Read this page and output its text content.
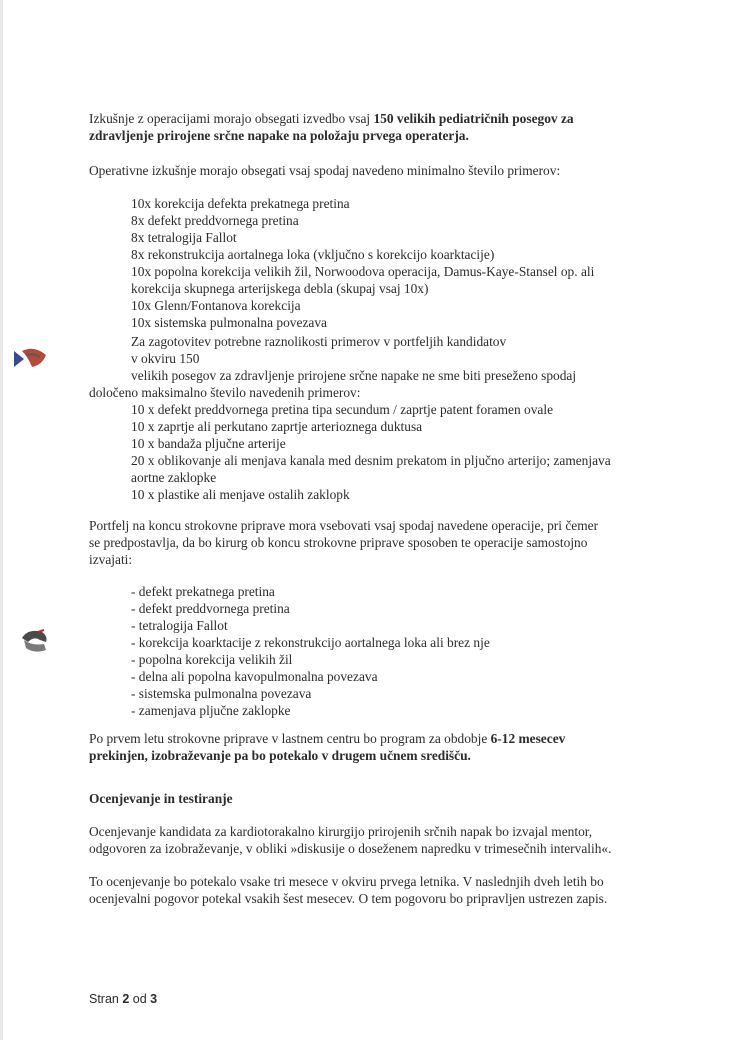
Izkušnje z operacijami morajo obsegati izvedbo vsaj 150 velikih pediatričnih posegov za
zdravljenje prirojene srčne napake na položaju prvega operaterja.
Operativne izkušnje morajo obsegati vsaj spodaj navedeno minimalno število primerov:
10x korekcija defekta prekatnega pretina
8x defekt preddvornega pretina
8x tetralogija Fallot
8x rekonstrukcija aortalnega loka (vključno s korekcijo koarktacije)
10x popolna korekcija velikih žil, Norwoodova operacija, Damus-Kaye-Stansel op. ali
korekcija skupnega arterijskega debla (skupaj vsaj 10x)
10x Glenn/Fontanova korekcija
10x sistemska pulmonalna povezava
Za zagotovitev potrebne raznolikosti primerov v portfeljih kandidatov
v okviru 150
velikih posegov za zdravljenje prirojene srčne napake ne sme biti preseženo spodaj
določeno maksimalno število navedenih primerov:
10 x defekt preddvornega pretina tipa secundum / zaprtje patent foramen ovale
10 x zaprtje ali perkutano zaprtje arterioznega duktusa
10 x bandaža pljučne arterije
20 x oblikovanje ali menjava kanala med desnim prekatom in pljučno arterijo; zamenjava
aortne zaklopke
10 x plastike ali menjave ostalih zaklopk
Portfelj na koncu strokovne priprave mora vsebovati vsaj spodaj navedene operacije, pri čemer
se predpostavlja, da bo kirurg ob koncu strokovne priprave sposoben te operacije samostojno
izvajati:
- defekt prekatnega pretina
- defekt preddvornega pretina
- tetralogija Fallot
- korekcija koarktacije z rekonstrukcijo aortalnega loka ali brez nje
- popolna korekcija velikih žil
- delna ali popolna kavopulmonalna povezava
- sistemska pulmonalna povezava
- zamenjava pljučne zaklopke
Po prvem letu strokovne priprave v lastnem centru bo program za obdobje 6-12 mesecev
prekinjen, izobraževanje pa bo potekalo v drugem učnem središču.
Ocenjevanje in testiranje
Ocenjevanje kandidata za kardiotorakalno kirurgijo prirojenih srčnih napak bo izvajal mentor,
odgovoren za izobraževanje, v obliki »diskusije o doseženem napredku v trimesečnih intervalih«.
To ocenjevanje bo potekalo vsake tri mesece v okviru prvega letnika. V naslednjih dveh letih bo
ocenjevalni pogovor potekal vsakih šest mesecev. O tem pogovoru bo pripravljen ustrezen zapis.
Stran 2 od 3
